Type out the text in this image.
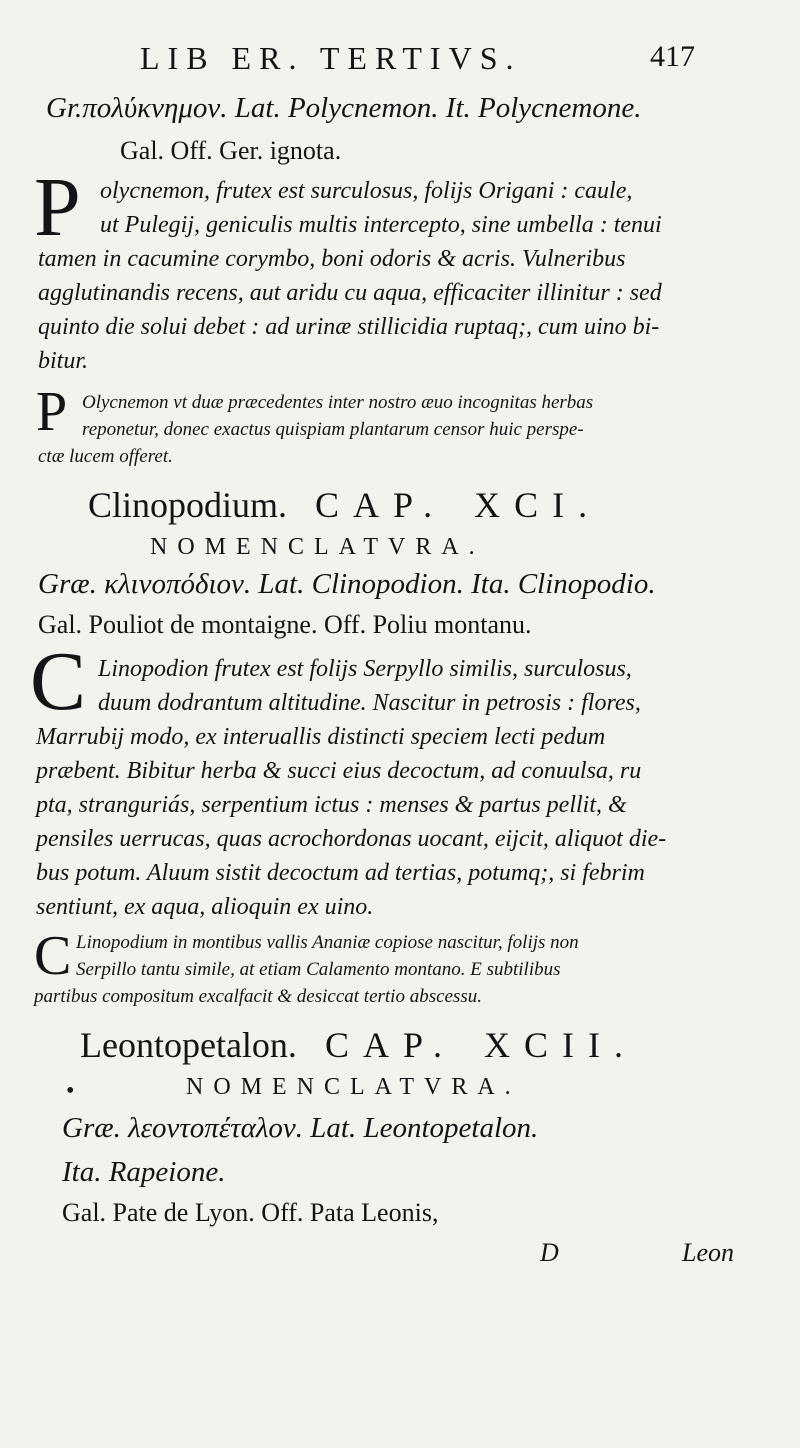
LIB ER. TERTIVS.	417
Gr.πολύκνημον. Lat. Polycnemon. It. Polycnemone.
Gal. Off. Ger. ignota.
P olycnemon, frutex est surculosus, folijs Origani : caule,
ut Pulegij, geniculis multis intercepto, sine umbella : tenui
tamen in cacumine corymbo, boni odoris & acris. Vulneribus
agglutinandis recens, aut aridu cu aqua, efficaciter illinitur : sed
quinto die solui debet : ad urinæ stillicidia ruptaq;, cum uino bi-
bitur.
P Olycnemon vt duæ præcedentes inter nostro æuo incognitas herbas
reponetur, donec exactus quispiam plantarum censor huic perspe-
ctæ lucem offeret.
Clinopodium. CAP. XCI.
NOMENCLATVRA.
Græ. κλινοπόδιον. Lat. Clinopodion. Ita. Clinopodio.
Gal. Pouliot de montaigne. Off. Poliu montanu.
C Linopodion frutex est folijs Serpyllo similis, surculosus,
duum dodrantum altitudine. Nascitur in petrosis : flores,
Marrubij modo, ex interuallis distincti speciem lecti pedum
præbent. Bibitur herba & succi eius decoctum, ad conuulsa, ru
pta, stranguriás, serpentium ictus : menses & partus pellit, &
pensiles uerrucas, quas acrochordonas uocant, eijcit, aliquot die-
bus potum. Aluum sistit decoctum ad tertias, potumq;, si febrim
sentiunt, ex aqua, alioquin ex uino.
C Linopodium in montibus vallis Ananiæ copiose nascitur, folijs non
Serpillo tantu simile, at etiam Calamento montano. E subtilibus
partibus compositum excalfacit & desiccat tertio abscessu.
Leontopetalon. CAP. XCII.
•	NOMENCLATVRA.
Græ. λεοντοπέταλον. Lat. Leontopetalon.
Ita. Rapeione.
Gal. Pate de Lyon. Off. Pata Leonis,
D	Leon
